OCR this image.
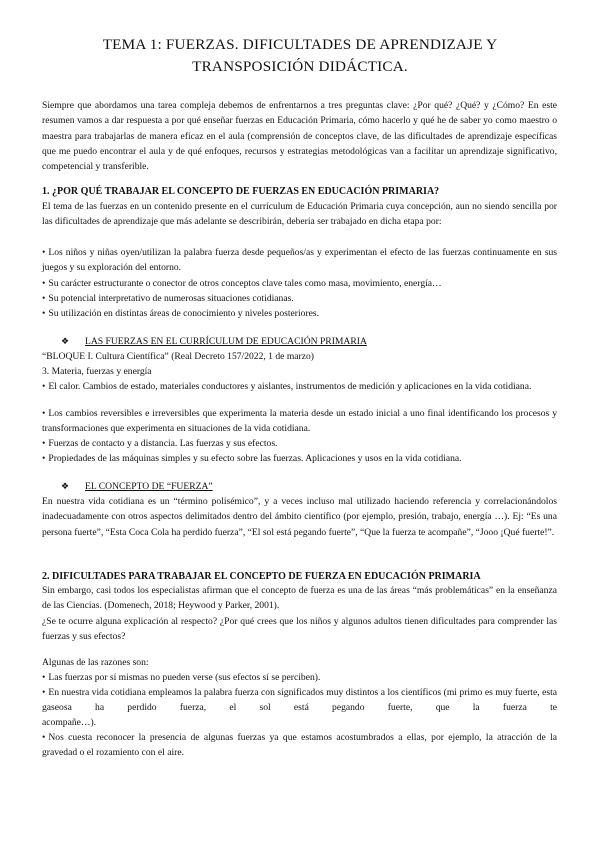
TEMA 1: FUERZAS. DIFICULTADES DE APRENDIZAJE Y
TRANSPOSICIÓN DIDÁCTICA.

Siempre que abordamos una tarea compleja debemos de enfrentarnos a tres preguntas clave: ¿Por qué? ¿Qué? y ¿Cómo? En este resumen vamos a dar respuesta a por qué enseñar fuerzas en Educación Primaria, cómo hacerlo y qué he de saber yo como maestro o maestra para trabajarlas de manera eficaz en el aula (comprensión de conceptos clave, de las dificultades de aprendizaje específicas que me puedo encontrar el aula y de qué enfoques, recursos y estrategias metodológicas van a facilitar un aprendizaje significativo, competencial y transferible.

1. ¿POR QUÉ TRABAJAR EL CONCEPTO DE FUERZAS EN EDUCACIÓN PRIMARIA?

El tema de las fuerzas en un contenido presente en el currículum de Educación Primaria cuya concepción, aun no siendo sencilla por las dificultades de aprendizaje que más adelante se describirán, debería ser trabajado en dicha etapa por:

• Los niños y niñas oyen/utilizan la palabra fuerza desde pequeños/as y experimentan el efecto de las fuerzas continuamente en sus juegos y su exploración del entorno.

• Su carácter estructurante o conector de otros conceptos clave tales como masa, movimiento, energía…

• Su potencial interpretativo de numerosas situaciones cotidianas.

• Su utilización en distintas áreas de conocimiento y niveles posteriores.

❖ LAS FUERZAS EN EL CURRÍCULUM DE EDUCACIÓN PRIMARIA

“BLOQUE I. Cultura Científica” (Real Decreto 157/2022, 1 de marzo)

3. Materia, fuerzas y energía

• El calor. Cambios de estado, materiales conductores y aislantes, instrumentos de medición y aplicaciones en la vida cotidiana.

• Los cambios reversibles e irreversibles que experimenta la materia desde un estado inicial a uno final identificando los procesos y transformaciones que experimenta en situaciones de la vida cotidiana.

• Fuerzas de contacto y a distancia. Las fuerzas y sus efectos.

• Propiedades de las máquinas simples y su efecto sobre las fuerzas. Aplicaciones y usos en la vida cotidiana.

❖ EL CONCEPTO DE “FUERZA”

En nuestra vida cotidiana es un “término polisémico”, y a veces incluso mal utilizado haciendo referencia y correlacionándolos inadecuadamente con otros aspectos delimitados dentro del ámbito científico (por ejemplo, presión, trabajo, energía …). Ej: “Es una persona fuerte”, “Esta Coca Cola ha perdido fuerza”, “El sol está pegando fuerte”, “Que la fuerza te acompañe”, “Jooo ¡Qué fuerte!”.

2. DIFICULTADES PARA TRABAJAR EL CONCEPTO DE FUERZA EN EDUCACIÓN PRIMARIA

Sin embargo, casi todos los especialistas afirman que el concepto de fuerza es una de las áreas “más problemáticas” en la enseñanza de las Ciencias. (Domenech, 2018; Heywood y Parker, 2001).

¿Se te ocurre alguna explicación al respecto? ¿Por qué crees que los niños y algunos adultos tienen dificultades para comprender las fuerzas y sus efectos?

Algunas de las razones son:

• Las fuerzas por sí mismas no pueden verse (sus efectos sí se perciben).

• En nuestra vida cotidiana empleamos la palabra fuerza con significados muy distintos a los científicos (mi primo es muy fuerte, esta gaseosa ha perdido fuerza, el sol está pegando fuerte, que la fuerza te

acompañe…).

• Nos cuesta reconocer la presencia de algunas fuerzas ya que estamos acostumbrados a ellas, por ejemplo, la atracción de la gravedad o el rozamiento con el aire.
